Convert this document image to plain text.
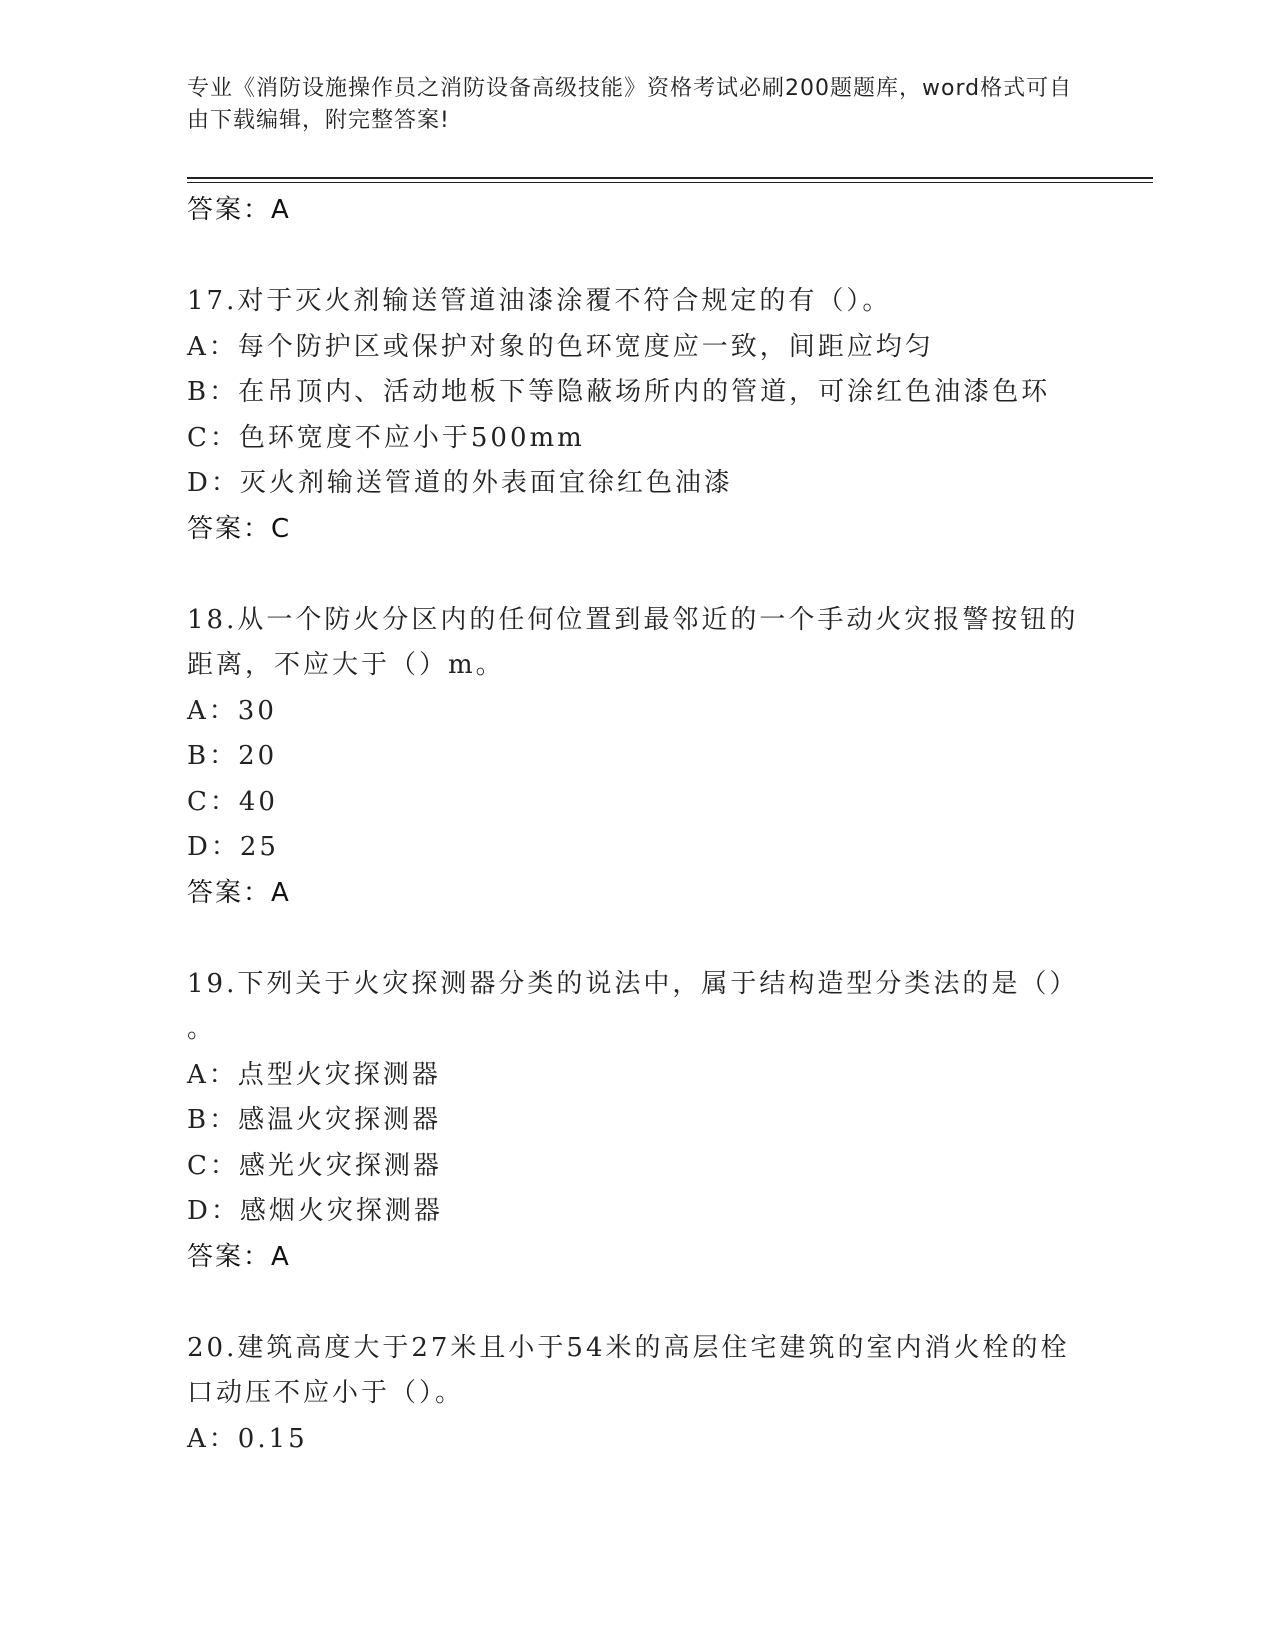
专业《消防设施操作员之消防设备高级技能》资格考试必刷200题题库，word格式可自由下载编辑，附完整答案!
答案：A
17.对于灭火剂输送管道油漆涂覆不符合规定的有（）。
A：每个防护区或保护对象的色环宽度应一致，间距应均匀
B：在吊顶内、活动地板下等隐蔽场所内的管道，可涂红色油漆色环
C：色环宽度不应小于500mm
D：灭火剂输送管道的外表面宜徐红色油漆
答案：C
18.从一个防火分区内的任何位置到最邻近的一个手动火灾报警按钮的
距离，不应大于（）m。
A：30
B：20
C：40
D：25
答案：A
19.下列关于火灾探测器分类的说法中，属于结构造型分类法的是（）
。
A：点型火灾探测器
B：感温火灾探测器
C：感光火灾探测器
D：感烟火灾探测器
答案：A
20.建筑高度大于27米且小于54米的高层住宅建筑的室内消火栓的栓
口动压不应小于（）。
A：0.15
